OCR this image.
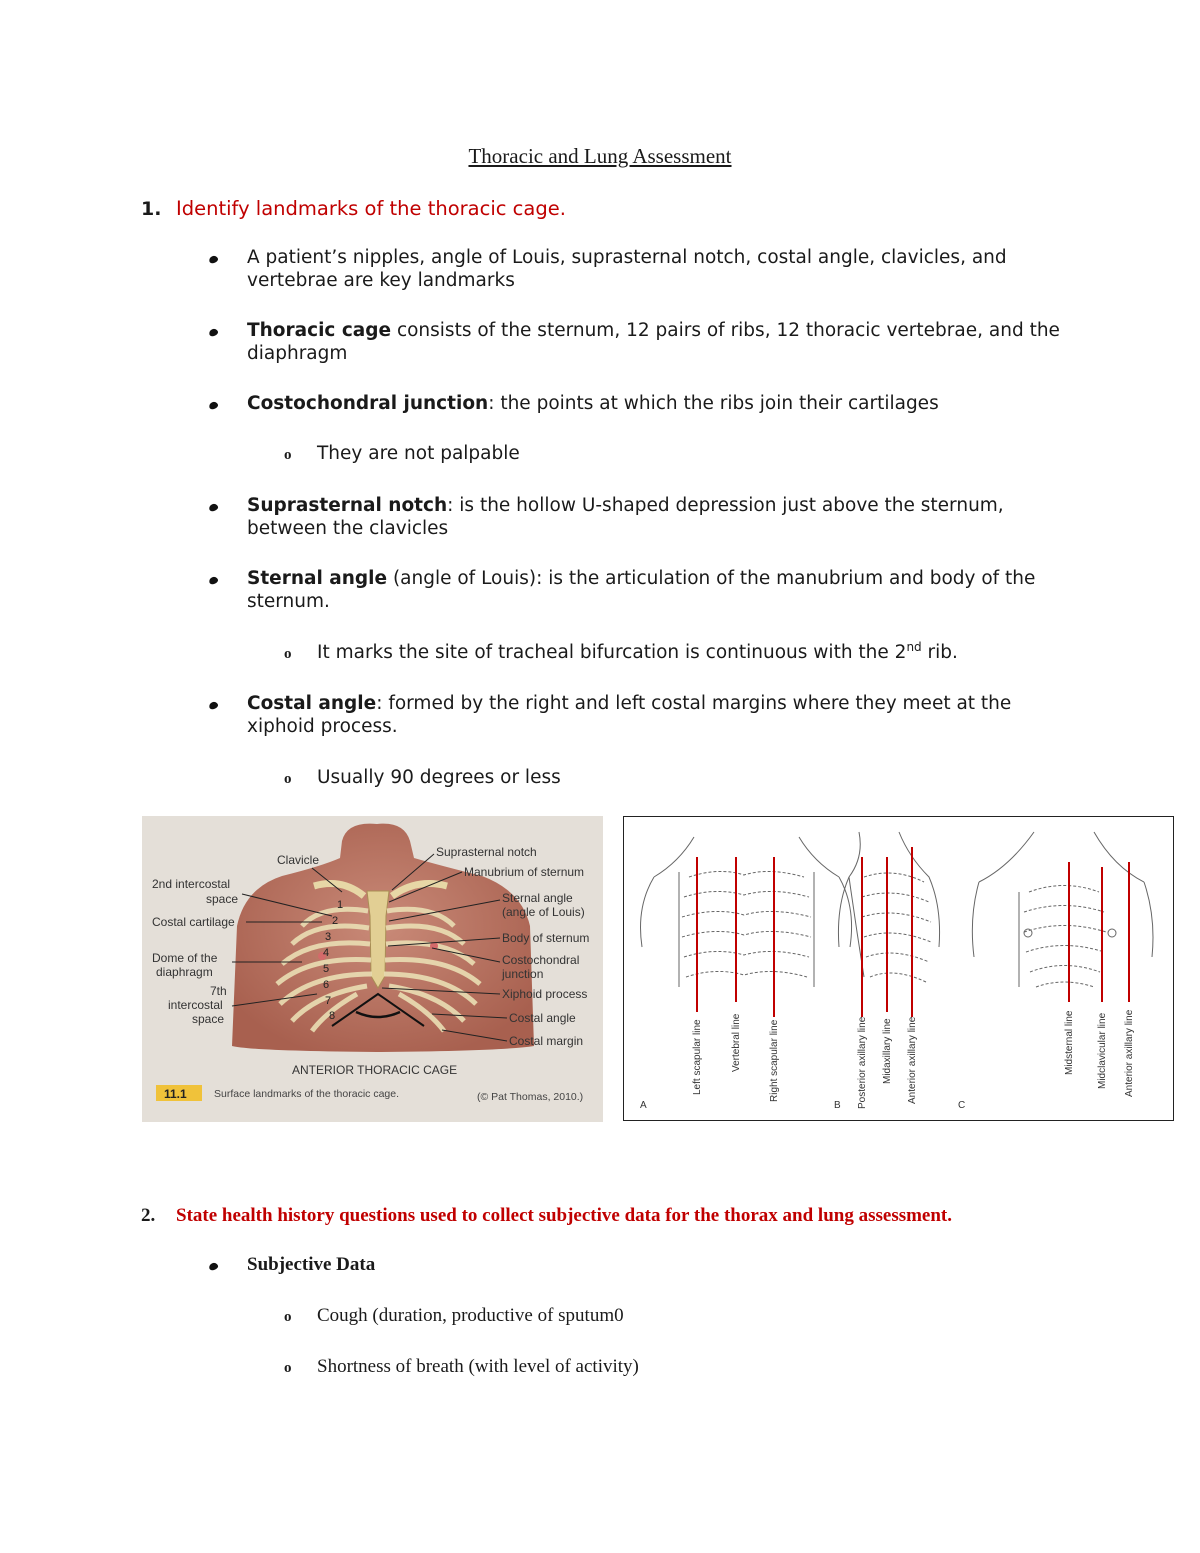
Thoracic and Lung Assessment
1. Identify landmarks of the thoracic cage.
A patient’s nipples, angle of Louis, suprasternal notch, costal angle, clavicles, and vertebrae are key landmarks
Thoracic cage consists of the sternum, 12 pairs of ribs, 12 thoracic vertebrae, and the diaphragm
Costochondral junction: the points at which the ribs join their cartilages
o They are not palpable
Suprasternal notch: is the hollow U-shaped depression just above the sternum, between the clavicles
Sternal angle (angle of Louis): is the articulation of the manubrium and body of the sternum.
o It marks the site of tracheal bifurcation is continuous with the 2nd rib.
Costal angle: formed by the right and left costal margins where they meet at the xiphoid process.
o Usually 90 degrees or less
1
2
3
4
5
6
7
8
Clavicle
2nd intercostal
space
Costal cartilage
Dome of the
diaphragm
7th
intercostal
space
Suprasternal notch
Manubrium of sternum
Sternal angle
(angle of Louis)
Body of sternum
Costochondral
junction
Xiphoid process
Costal angle
Costal margin
ANTERIOR THORACIC CAGE
11.1	Surface landmarks of the thoracic cage.	(© Pat Thomas, 2010.)
Left scapular line	Vertebral line	Right scapular line
A	Posterior axillary line Midaxillary line Anterior axillary line
B
Midsternal line Midclavicular line Anterior axillary line
C
2. State health history questions used to collect subjective data for the thorax and lung assessment.
Subjective Data
o Cough (duration, productive of sputum0
o Shortness of breath (with level of activity)
